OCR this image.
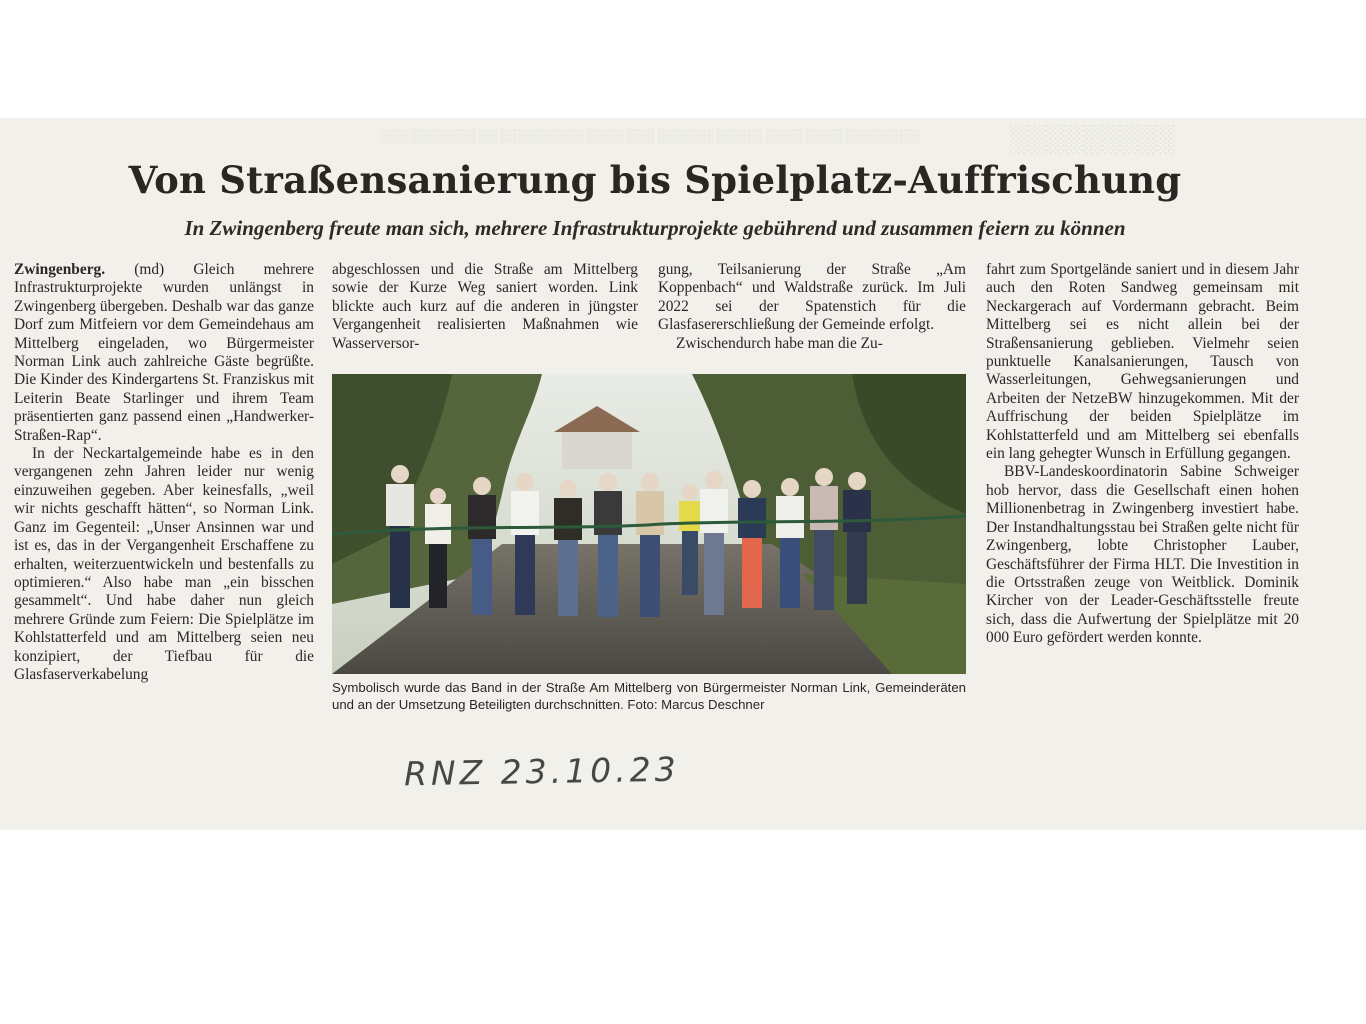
░░░ ░░░░░░░ ░░ ░░░░░░░░░ ░░░░ ░░░ ░░░░░░ ░░░░░ ░░░░ ░░░░ ░░░░░░░░	░░░░░░░░░
Von Straßensanierung bis Spielplatz-Auffrischung
In Zwingenberg freute man sich, mehrere Infrastrukturprojekte gebührend und zusammen feiern zu können

Zwingenberg. (md) Gleich mehrere Infrastrukturprojekte wurden unlängst in Zwingenberg übergeben. Deshalb war das ganze Dorf zum Mitfeiern vor dem Gemeindehaus am Mittelberg eingeladen, wo Bürgermeister Norman Link auch zahlreiche Gäste begrüßte. Die Kinder des Kindergartens St. Franziskus mit Leiterin Beate Starlinger und ihrem Team präsentierten ganz passend einen „Handwerker-Straßen-Rap“.

In der Neckartalgemeinde habe es in den vergangenen zehn Jahren leider nur wenig einzuweihen gegeben. Aber keinesfalls, „weil wir nichts geschafft hätten“, so Norman Link. Ganz im Gegenteil: „Unser Ansinnen war und ist es, das in der Vergangenheit Erschaffene zu erhalten, weiterzuentwickeln und bestenfalls zu optimieren.“ Also habe man „ein bisschen gesammelt“. Und habe daher nun gleich mehrere Gründe zum Feiern: Die Spielplätze im Kohlstatterfeld und am Mittelberg seien neu konzipiert, der Tiefbau für die Glasfaserverkabelung

abgeschlossen und die Straße am Mittelberg sowie der Kurze Weg saniert worden. Link blickte auch kurz auf die anderen in jüngster Vergangenheit realisierten Maßnahmen wie Wasserversor-

gung, Teilsanierung der Straße „Am Koppenbach“ und Waldstraße zurück. Im Juli 2022 sei der Spatenstich für die Glasfasererschließung der Gemeinde erfolgt.

Zwischendurch habe man die Zu-

fahrt zum Sportgelände saniert und in diesem Jahr auch den Roten Sandweg gemeinsam mit Neckargerach auf Vordermann gebracht. Beim Mittelberg sei es nicht allein bei der Straßensanierung geblieben. Vielmehr seien punktuelle Kanalsanierungen, Tausch von Wasserleitungen, Gehwegsanierungen und Arbeiten der NetzeBW hinzugekommen. Mit der Auffrischung der beiden Spielplätze im Kohlstatterfeld und am Mittelberg sei ebenfalls ein lang gehegter Wunsch in Erfüllung gegangen.

BBV-Landeskoordinatorin Sabine Schweiger hob hervor, dass die Gesellschaft einen hohen Millionenbetrag in Zwingenberg investiert habe. Der Instandhaltungsstau bei Straßen gelte nicht für Zwingenberg, lobte Christopher Lauber, Geschäftsführer der Firma HLT. Die Investition in die Ortsstraßen zeuge von Weitblick. Dominik Kircher von der Leader-Geschäftsstelle freute sich, dass die Aufwertung der Spielplätze mit 20 000 Euro gefördert werden konnte.

Symbolisch wurde das Band in der Straße Am Mittelberg von Bürgermeister Norman Link, Gemeinderäten und an der Umsetzung Beteiligten durchschnitten. Foto: Marcus Deschner
RNZ 23.10.23
